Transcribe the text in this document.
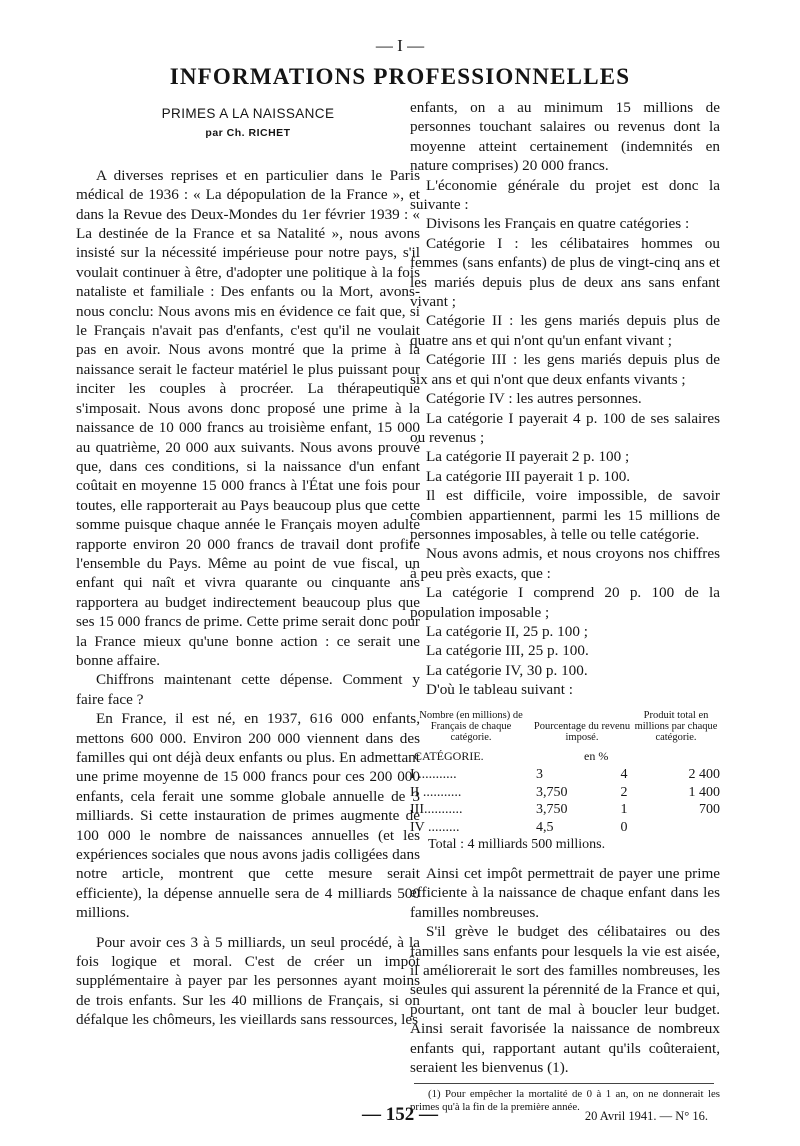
— I —
INFORMATIONS PROFESSIONNELLES
PRIMES A LA NAISSANCE
par Ch. RICHET

A diverses reprises et en particulier dans le Paris médical de 1936 : « La dépopulation de la France », et dans la Revue des Deux-Mondes du 1er février 1939 : « La destinée de la France et sa Natalité », nous avons insisté sur la nécessité impérieuse pour notre pays, s'il voulait continuer à être, d'adopter une politique à la fois nataliste et familiale : Des enfants ou la Mort, avons-nous conclu: Nous avons mis en évidence ce fait que, si le Français n'avait pas d'enfants, c'est qu'il ne voulait pas en avoir. Nous avons montré que la prime à la naissance serait le facteur matériel le plus puissant pour inciter les couples à procréer. La thérapeutique s'imposait. Nous avons donc proposé une prime à la naissance de 10 000 francs au troisième enfant, 15 000 au quatrième, 20 000 aux suivants. Nous avons prouvé que, dans ces conditions, si la naissance d'un enfant coûtait en moyenne 15 000 francs à l'État une fois pour toutes, elle rapporterait au Pays beaucoup plus que cette somme puisque chaque année le Français moyen adulte rapporte environ 20 000 francs de travail dont profite l'ensemble du Pays. Même au point de vue fiscal, un enfant qui naît et vivra quarante ou cinquante ans rapportera au budget indirectement beaucoup plus que ses 15 000 francs de prime. Cette prime serait donc pour la France mieux qu'une bonne action : ce serait une bonne affaire.

Chiffrons maintenant cette dépense. Comment y faire face ?

En France, il est né, en 1937, 616 000 enfants, mettons 600 000. Environ 200 000 viennent dans des familles qui ont déjà deux enfants ou plus. En admettant une prime moyenne de 15 000 francs pour ces 200 000 enfants, cela ferait une somme globale annuelle de 3 milliards. Si cette instauration de primes augmente de 100 000 le nombre de naissances annuelles (et les expériences sociales que nous avons jadis colligées dans notre article, montrent que cette mesure serait efficiente), la dépense annuelle sera de 4 milliards 500 millions.

Pour avoir ces 3 à 5 milliards, un seul procédé, à la fois logique et moral. C'est de créer un impôt supplémentaire à payer par les personnes ayant moins de trois enfants. Sur les 40 millions de Français, si on défalque les chômeurs, les vieillards sans ressources, les

enfants, on a au minimum 15 millions de personnes touchant salaires ou revenus dont la moyenne atteint certainement (indemnités en nature comprises) 20 000 francs.

L'économie générale du projet est donc la suivante :

Divisons les Français en quatre catégories :

Catégorie I : les célibataires hommes ou femmes (sans enfants) de plus de vingt-cinq ans et les mariés depuis plus de deux ans sans enfant vivant ;

Catégorie II : les gens mariés depuis plus de quatre ans et qui n'ont qu'un enfant vivant ;

Catégorie III : les gens mariés depuis plus de six ans et qui n'ont que deux enfants vivants ;

Catégorie IV : les autres personnes.

La catégorie I payerait 4 p. 100 de ses salaires ou revenus ;

La catégorie II payerait 2 p. 100 ;

La catégorie III payerait 1 p. 100.

Il est difficile, voire impossible, de savoir combien appartiennent, parmi les 15 millions de personnes imposables, à telle ou telle catégorie.

Nous avons admis, et nous croyons nos chiffres à peu près exacts, que :

La catégorie I comprend 20 p. 100 de la population imposable ;

La catégorie II, 25 p. 100 ;

La catégorie III, 25 p. 100.

La catégorie IV, 30 p. 100.

D'où le tableau suivant :

Nombre (en millions) de Français de chaque catégorie.
Pourcentage du revenu imposé.
Produit total en millions par chaque catégorie.
CATÉGORIE.	en %
I ...........	3	4	2 400
II ...........	3,750	2	1 400
III...........	3,750	1	700
IV .........	4,5	0
Total : 4 milliards 500 millions.

Ainsi cet impôt permettrait de payer une prime efficiente à la naissance de chaque enfant dans les familles nombreuses.

S'il grève le budget des célibataires ou des familles sans enfants pour lesquels la vie est aisée, il améliorerait le sort des familles nombreuses, les seules qui assurent la pérennité de la France et qui, pourtant, ont tant de mal à boucler leur budget. Ainsi serait favorisée la naissance de nombreux enfants qui, rapportant autant qu'ils coûteraient, seraient les bienvenus (1).

(1) Pour empêcher la mortalité de 0 à 1 an, on ne donnerait les primes qu'à la fin de la première année.
— 152 —	20 Avril 1941. — N° 16.
